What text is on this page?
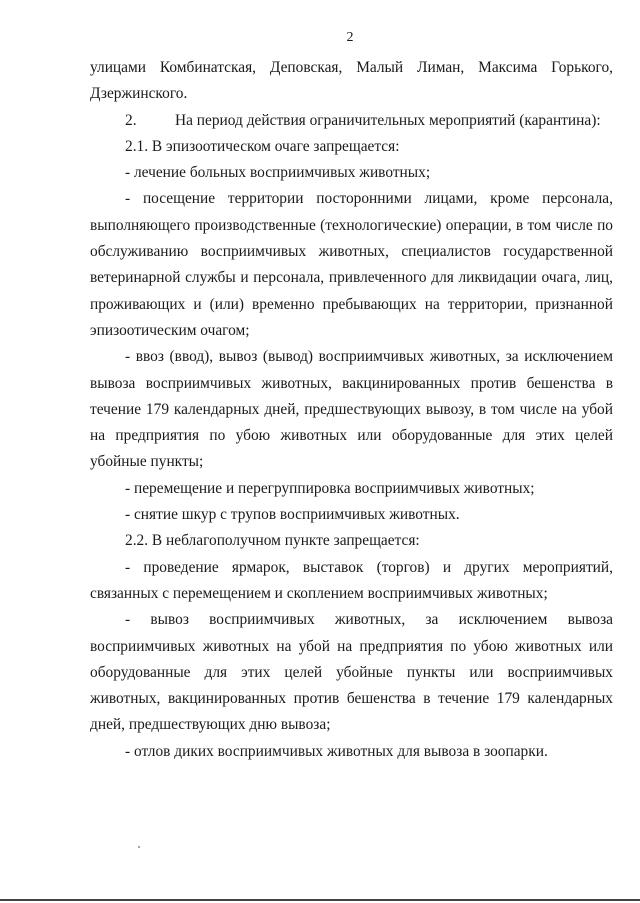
2

улицами Комбинатская, Деповская, Малый Лиман, Максима Горького, Дзержинского.

2.	На период действия ограничительных мероприятий (карантина):

2.1. В эпизоотическом очаге запрещается:

- лечение больных восприимчивых животных;

- посещение территории посторонними лицами, кроме персонала, выполняющего производственные (технологические) операции, в том числе по обслуживанию восприимчивых животных, специалистов государственной ветеринарной службы и персонала, привлеченного для ликвидации очага, лиц, проживающих и (или) временно пребывающих на территории, признанной эпизоотическим очагом;

- ввоз (ввод), вывоз (вывод) восприимчивых животных, за исключением вывоза восприимчивых животных, вакцинированных против бешенства в течение 179 календарных дней, предшествующих вывозу, в том числе на убой на предприятия по убою животных или оборудованные для этих целей убойные пункты;

- перемещение и перегруппировка восприимчивых животных;

- снятие шкур с трупов восприимчивых животных.

2.2. В неблагополучном пункте запрещается:

- проведение ярмарок, выставок (торгов) и других мероприятий, связанных с перемещением и скоплением восприимчивых животных;

- вывоз восприимчивых животных, за исключением вывоза восприимчивых животных на убой на предприятия по убою животных или оборудованные для этих целей убойные пункты или восприимчивых животных, вакцинированных против бешенства в течение 179 календарных дней, предшествующих дню вывоза;

- отлов диких восприимчивых животных для вывоза в зоопарки.
